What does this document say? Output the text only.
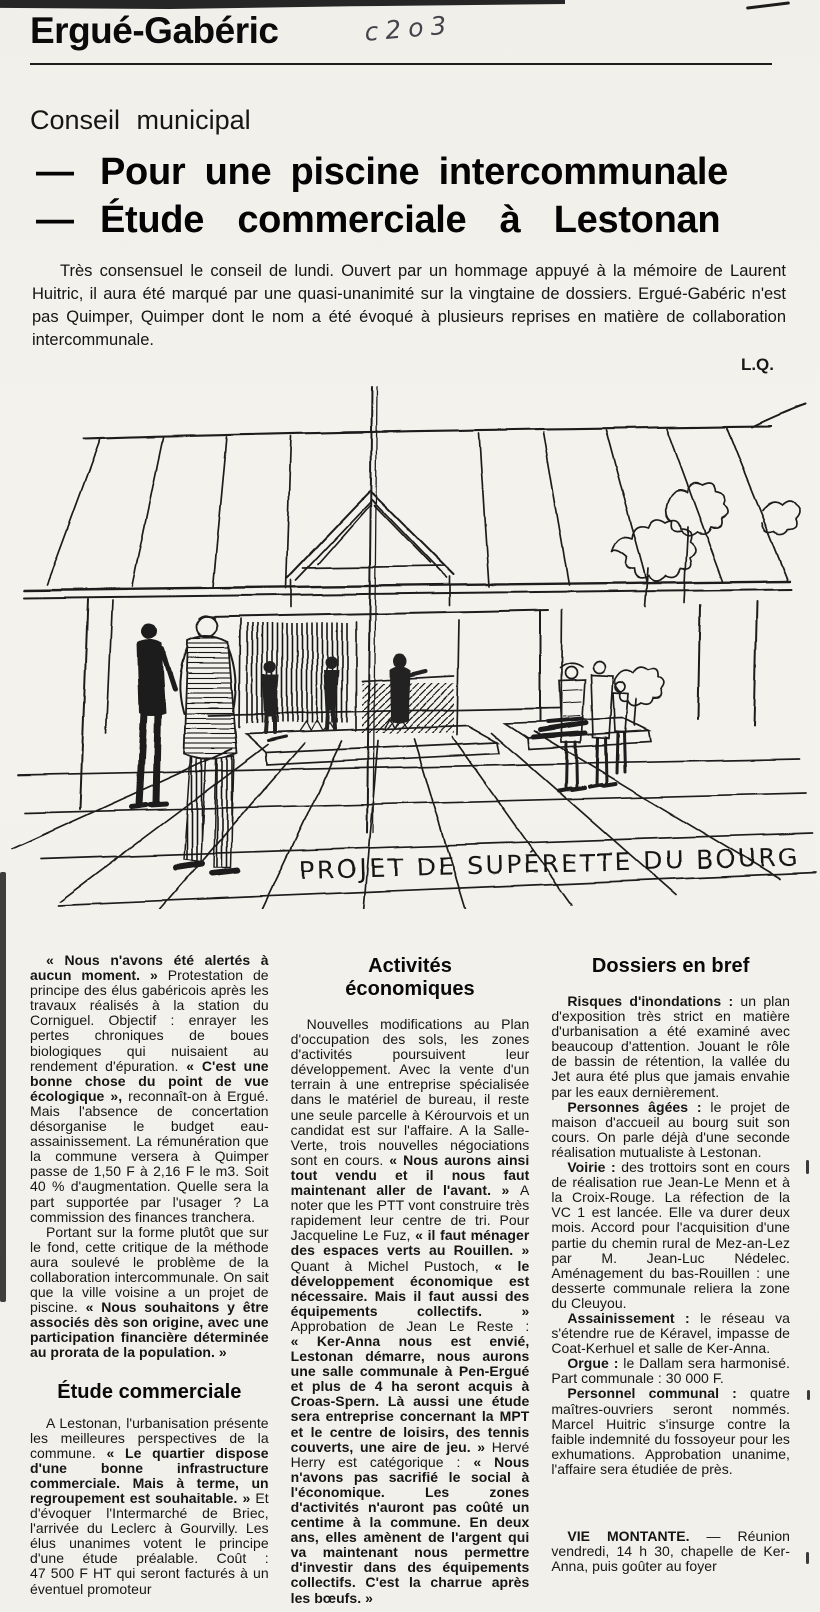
Ergué-Gabéric	c2o3
Conseil municipal
— Pour une piscine intercommunale
— Étude commerciale à Lestonan

Très consensuel le conseil de lundi. Ouvert par un hommage appuyé à la mémoire de Laurent Huitric, il aura été marqué par une quasi-unanimité sur la vingtaine de dossiers. Ergué-Gabéric n'est pas Quimper, Quimper dont le nom a été évoqué à plusieurs reprises en matière de collaboration intercommunale.

L.Q.
PROJET DE SUPÉRETTE DU BOURG

« Nous n'avons été alertés à aucun moment. » Protestation de principe des élus gabéricois après les travaux réalisés à la station du Corniguel. Objectif : enrayer les pertes chroniques de boues biologiques qui nuisaient au rendement d'épuration. « C'est une bonne chose du point de vue écologique », reconnaît-on à Ergué. Mais l'absence de concertation désorganise le budget eau-assainissement. La rémunération que la commune versera à Quimper passe de 1,50 F à 2,16 F le m3. Soit 40 % d'augmentation. Quelle sera la part supportée par l'usager ? La commission des finances tranchera.

Portant sur la forme plutôt que sur le fond, cette critique de la méthode aura soulevé le problème de la collaboration intercommunale. On sait que la ville voisine a un projet de piscine. « Nous souhaitons y être associés dès son origine, avec une participation financière déterminée au prorata de la population. »

Étude commerciale

A Lestonan, l'urbanisation présente les meilleures perspectives de la commune. « Le quartier dispose d'une bonne infrastructure commerciale. Mais à terme, un regroupement est souhaitable. » Et d'évoquer l'Intermarché de Briec, l'arrivée du Leclerc à Gourvilly. Les élus unanimes votent le principe d'une étude préalable. Coût : 47 500 F HT qui seront facturés à un éventuel promoteur

Activités
économiques

Nouvelles modifications au Plan d'occupation des sols, les zones d'activités poursuivent leur développement. Avec la vente d'un terrain à une entreprise spécialisée dans le matériel de bureau, il reste une seule parcelle à Kérourvois et un candidat est sur l'affaire. A la Salle-Verte, trois nouvelles négociations sont en cours. « Nous aurons ainsi tout vendu et il nous faut maintenant aller de l'avant. » A noter que les PTT vont construire très rapidement leur centre de tri. Pour Jacqueline Le Fuz, « il faut ménager des espaces verts au Rouillen. » Quant à Michel Pustoch, « le développement économique est nécessaire. Mais il faut aussi des équipements collectifs. » Approbation de Jean Le Reste : « Ker-Anna nous est envié, Lestonan démarre, nous aurons une salle communale à Pen-Ergué et plus de 4 ha seront acquis à Croas-Spern. Là aussi une étude sera entreprise concernant la MPT et le centre de loisirs, des tennis couverts, une aire de jeu. » Hervé Herry est catégorique : « Nous n'avons pas sacrifié le social à l'économique. Les zones d'activités n'auront pas coûté un centime à la commune. En deux ans, elles amènent de l'argent qui va maintenant nous permettre d'investir dans des équipements collectifs. C'est la charrue après les bœufs. »

Dossiers en bref

Risques d'inondations : un plan d'exposition très strict en matière d'urbanisation a été examiné avec beaucoup d'attention. Jouant le rôle de bassin de rétention, la vallée du Jet aura été plus que jamais envahie par les eaux dernièrement.

Personnes âgées : le projet de maison d'accueil au bourg suit son cours. On parle déjà d'une seconde réalisation mutualiste à Lestonan.

Voirie : des trottoirs sont en cours de réalisation rue Jean-Le Menn et à la Croix-Rouge. La réfection de la VC 1 est lancée. Elle va durer deux mois. Accord pour l'acquisition d'une partie du chemin rural de Mez-an-Lez par M. Jean-Luc Nédelec. Aménagement du bas-Rouillen : une desserte communale reliera la zone du Cleuyou.

Assainissement : le réseau va s'étendre rue de Kéravel, impasse de Coat-Kerhuel et salle de Ker-Anna.

Orgue : le Dallam sera harmonisé. Part communale : 30 000 F.

Personnel communal : quatre maîtres-ouvriers seront nommés. Marcel Huitric s'insurge contre la faible indemnité du fossoyeur pour les exhumations. Approbation unanime, l'affaire sera étudiée de près.

VIE MONTANTE. — Réunion vendredi, 14 h 30, chapelle de Ker-Anna, puis goûter au foyer
